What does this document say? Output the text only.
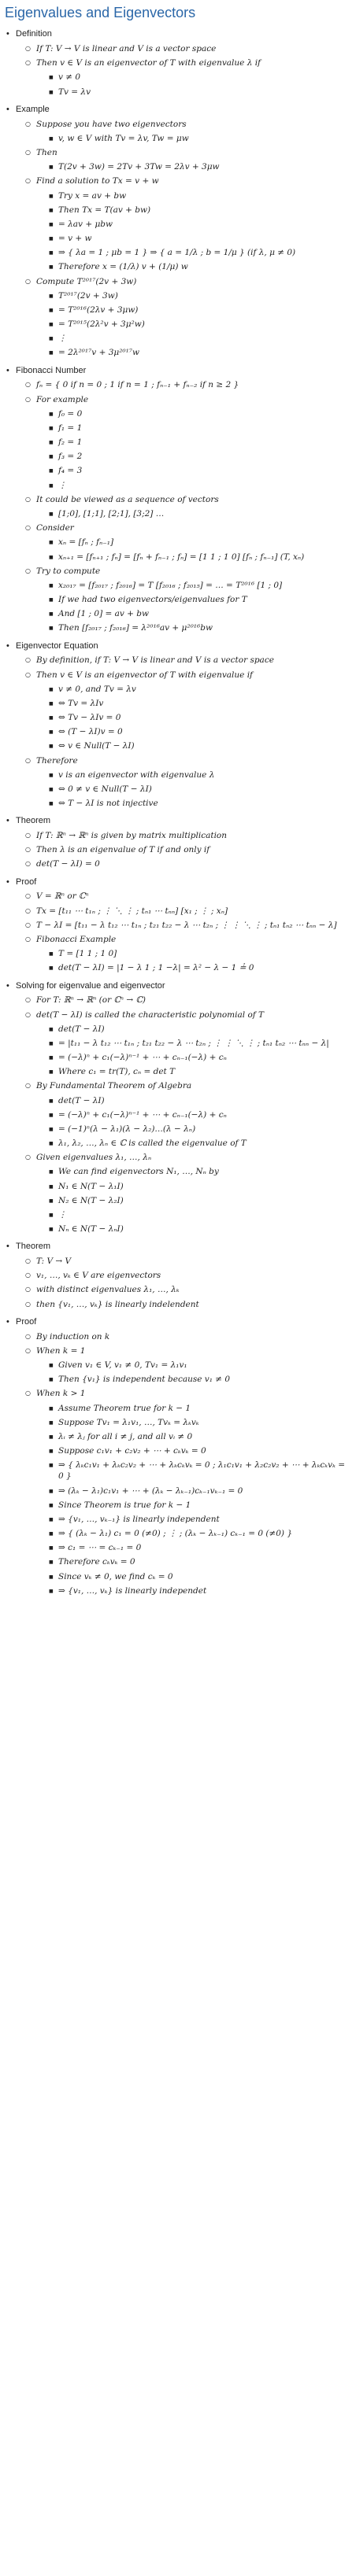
Eigenvalues and Eigenvectors
• Definition
○ If T: V → V is linear and V is a vector space
○ Then v ∈ V is an eigenvector of T with eigenvalue λ if
■ v ≠ 0
■ Tv = λv
• Example
○ Suppose you have two eigenvectors
■ v, w ∈ V with Tv = λv, Tw = μw
○ Then
■ T(2v + 3w) = 2Tv + 3Tw = 2λv + 3μw
○ Find a solution to Tx = v + w
■ Try x = av + bw
■ Then Tx = T(av + bw)
■ = λav + μbw
■ = v + w
■ ⇒ { λa = 1 ; μb = 1 } ⇒ { a = 1/λ ; b = 1/μ } (if λ, μ ≠ 0)
■ Therefore x = (1/λ) v + (1/μ) w
○ Compute T²⁰¹⁷(2v + 3w)
■ T²⁰¹⁷(2v + 3w)
■ = T²⁰¹⁶(2λv + 3μw)
■ = T²⁰¹⁵(2λ²v + 3μ²w)
■ ⋮
■ = 2λ²⁰¹⁷v + 3μ²⁰¹⁷w
• Fibonacci Number
○ fₙ = { 0 if n = 0 ; 1 if n = 1 ; fₙ₋₁ + fₙ₋₂ if n ≥ 2 }
○ For example
■ f₀ = 0
■ f₁ = 1
■ f₂ = 1
■ f₃ = 2
■ f₄ = 3
■ ⋮
○ It could be viewed as a sequence of vectors
■ [1;0], [1;1], [2;1], [3;2] …
○ Consider
■ xₙ = [fₙ ; fₙ₋₁]
■ xₙ₊₁ = [fₙ₊₁ ; fₙ] = [fₙ + fₙ₋₁ ; fₙ] = [1 1 ; 1 0] [fₙ ; fₙ₋₁] (T, xₙ)
○ Try to compute
■ x₂₀₁₇ = [f₂₀₁₇ ; f₂₀₁₆] = T [f₂₀₁₆ ; f₂₀₁₅] = … = T²⁰¹⁶ [1 ; 0]
■ If we had two eigenvectors/eigenvalues for T
■ And [1 ; 0] = av + bw
■ Then [f₂₀₁₇ ; f₂₀₁₆] = λ²⁰¹⁶av + μ²⁰¹⁶bw
• Eigenvector Equation
○ By definition, if T: V → V is linear and V is a vector space
○ Then v ∈ V is an eigenvector of T with eigenvalue if
■ v ≠ 0, and Tv = λv
■ ⇔ Tv = λIv
■ ⇔ Tv − λIv = 0
■ ⇔ (T − λI)v = 0
■ ⇔ v ∈ Null(T − λI)
○ Therefore
■ v is an eigenvector with eigenvalue λ
■ ⇔ 0 ≠ v ∈ Null(T − λI)
■ ⇔ T − λI is not injective
• Theorem
○ If T: ℝⁿ → ℝⁿ is given by matrix multiplication
○ Then λ is an eigenvalue of T if and only if
○ det(T − λI) = 0
• Proof
○ V = ℝⁿ or ℂⁿ
○ Tx = [t₁₁ ⋯ t₁ₙ ; ⋮ ⋱ ⋮ ; tₙ₁ ⋯ tₙₙ] [x₁ ; ⋮ ; xₙ]
○ T − λI = [t₁₁ − λ t₁₂ ⋯ t₁ₙ ; t₂₁ t₂₂ − λ ⋯ t₂ₙ ; ⋮ ⋮ ⋱ ⋮ ; tₙ₁ tₙ₂ ⋯ tₙₙ − λ]
○ Fibonacci Example
■ T = [1 1 ; 1 0]
■ det(T − λI) = |1 − λ 1 ; 1 −λ| = λ² − λ − 1 ≟ 0
• Solving for eigenvalue and eigenvector
○ For T: ℝⁿ → ℝⁿ (or ℂⁿ → ℂ)
○ det(T − λI) is called the characteristic polynomial of T
■ det(T − λI)
■ = |t₁₁ − λ t₁₂ ⋯ t₁ₙ ; t₂₁ t₂₂ − λ ⋯ t₂ₙ ; ⋮ ⋮ ⋱ ⋮ ; tₙ₁ tₙ₂ ⋯ tₙₙ − λ|
■ = (−λ)ⁿ + c₁(−λ)ⁿ⁻¹ + ⋯ + cₙ₋₁(−λ) + cₙ
■ Where c₁ = tr(T), cₙ = det T
○ By Fundamental Theorem of Algebra
■ det(T − λI)
■ = (−λ)ⁿ + c₁(−λ)ⁿ⁻¹ + ⋯ + cₙ₋₁(−λ) + cₙ
■ = (−1)ⁿ(λ − λ₁)(λ − λ₂)…(λ − λₙ)
■ λ₁, λ₂, …, λₙ ∈ ℂ is called the eigenvalue of T
○ Given eigenvalues λ₁, …, λₙ
■ We can find eigenvectors N₁, …, Nₙ by
■ N₁ ∈ N(T − λ₁I)
■ N₂ ∈ N(T − λ₂I)
■ ⋮
■ Nₙ ∈ N(T − λₙI)
• Theorem
○ T: V → V
○ v₁, …, vₖ ∈ V are eigenvectors
○ with distinct eigenvalues λ₁, …, λₖ
○ then {v₁, …, vₖ} is linearly indelendent
• Proof
○ By induction on k
○ When k = 1
■ Given v₁ ∈ V, v₁ ≠ 0, Tv₁ = λ₁v₁
■ Then {v₁} is independent because v₁ ≠ 0
○ When k > 1
■ Assume Theorem true for k − 1
■ Suppose Tv₁ = λ₁v₁, …, Tvₖ = λₖvₖ
■ λᵢ ≠ λⱼ for all i ≠ j, and all vᵢ ≠ 0
■ Suppose c₁v₁ + c₂v₂ + ⋯ + cₖvₖ = 0
■ ⇒ { λₖc₁v₁ + λₖc₂v₂ + ⋯ + λₖcₖvₖ = 0 ; λ₁c₁v₁ + λ₂c₂v₂ + ⋯ + λₖcₖvₖ = 0 }
■ ⇒ (λₖ − λ₁)c₁v₁ + ⋯ + (λₖ − λₖ₋₁)cₖ₋₁vₖ₋₁ = 0
■ Since Theorem is true for k − 1
■ ⇒ {v₁, …, vₖ₋₁} is linearly independent
■ ⇒ { (λₖ − λ₁) c₁ = 0 (≠0) ; ⋮ ; (λₖ − λₖ₋₁) cₖ₋₁ = 0 (≠0) }
■ ⇒ c₁ = ⋯ = cₖ₋₁ = 0
■ Therefore cₖvₖ = 0
■ Since vₖ ≠ 0, we find cₖ = 0
■ ⇒ {v₁, …, vₖ} is linearly independet
